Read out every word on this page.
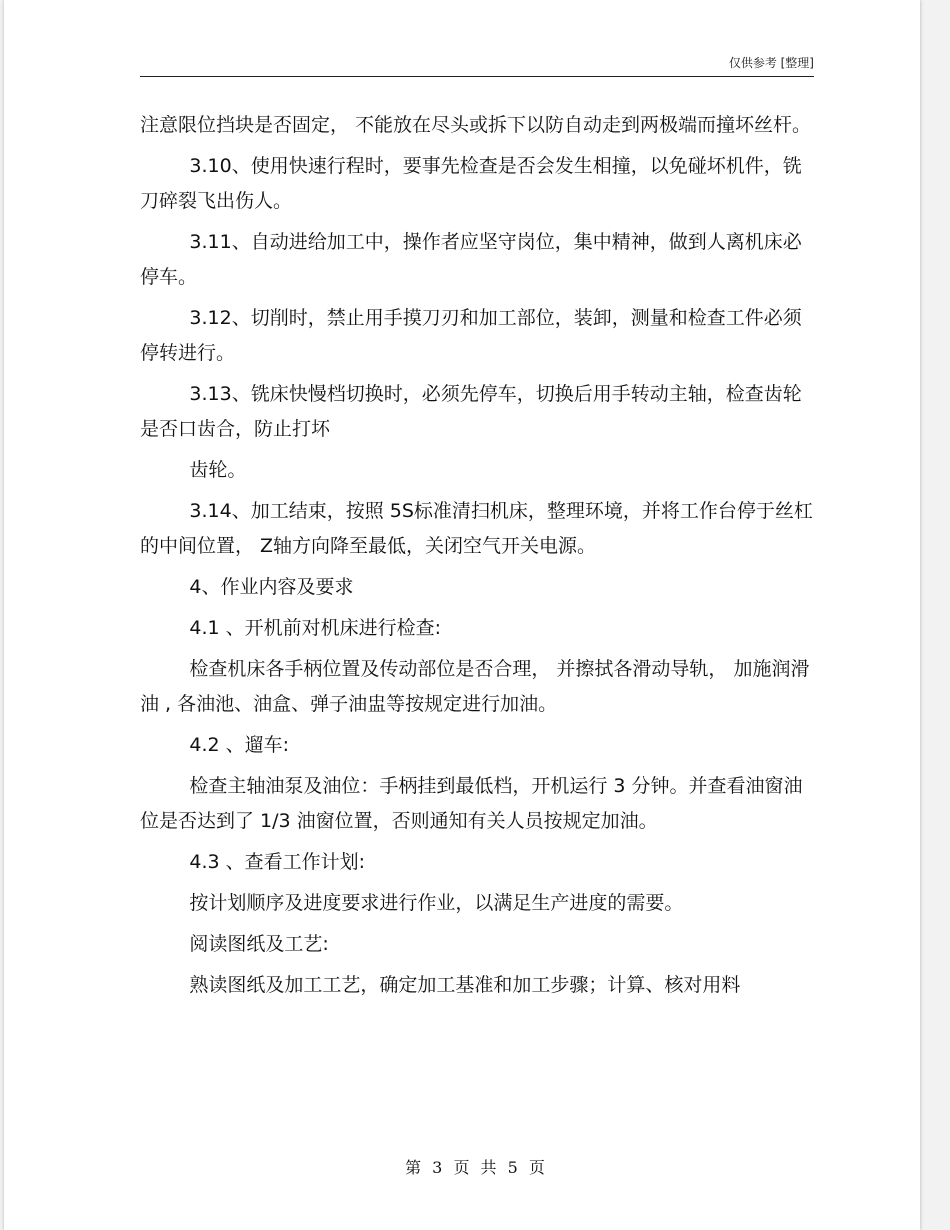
仅供参考 [整理]

注意限位挡块是否固定， 不能放在尽头或拆下以防自动走到两极端而撞坏丝杆。

3.10、使用快速行程时，要事先检查是否会发生相撞，以免碰坏机件，铣刀碎裂飞出伤人。

3.11、自动进给加工中，操作者应坚守岗位，集中精神，做到人离机床必停车。

3.12、切削时，禁止用手摸刀刃和加工部位，装卸，测量和检查工件必须停转进行。

3.13、铣床快慢档切换时，必须先停车，切换后用手转动主轴，检查齿轮是否口齿合，防止打坏

齿轮。

3.14、加工结束，按照 5S标准清扫机床，整理环境，并将工作台停于丝杠的中间位置， Z轴方向降至最低，关闭空气开关电源。

4、作业内容及要求

4.1 、开机前对机床进行检查:

检查机床各手柄位置及传动部位是否合理， 并擦拭各滑动导轨， 加施润滑油 , 各油池、油盒、弹子油盅等按规定进行加油。

4.2 、遛车:

检查主轴油泵及油位：手柄挂到最低档，开机运行 3 分钟。并查看油窗油位是否达到了 1/3 油窗位置，否则通知有关人员按规定加油。

4.3 、查看工作计划:

按计划顺序及进度要求进行作业，以满足生产进度的需要。

阅读图纸及工艺:

熟读图纸及加工工艺，确定加工基准和加工步骤；计算、核对用料

第 3 页 共 5 页
